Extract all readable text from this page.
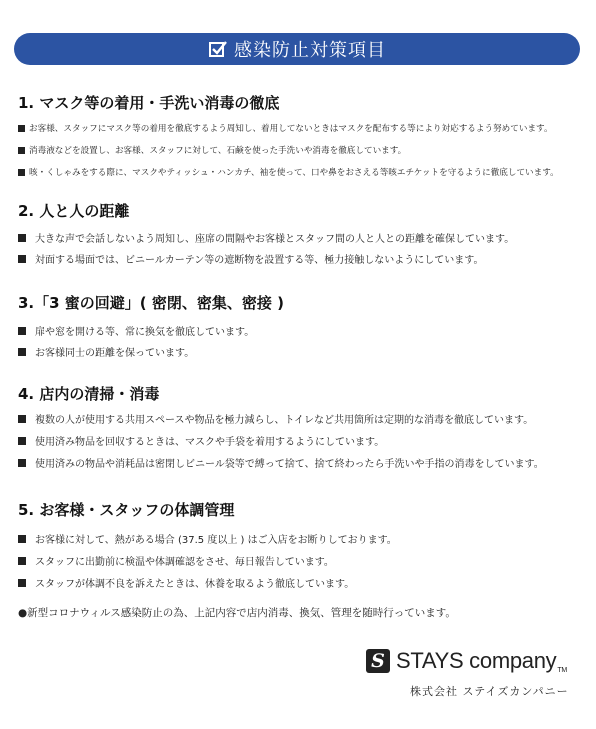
感染防止対策項目
1. マスク等の着用・手洗い消毒の徹底
お客様、スタッフにマスク等の着用を徹底するよう周知し、着用してないときはマスクを配布する等により対応するよう努めています。
消毒液などを設置し、お客様、スタッフに対して、石鹸を使った手洗いや消毒を徹底しています。
咳・くしゃみをする際に、マスクやティッシュ・ハンカチ、袖を使って、口や鼻をおさえる等咳エチケットを守るように徹底しています。
2. 人と人の距離
大きな声で会話しないよう周知し、座席の間隔やお客様とスタッフ間の人と人との距離を確保しています。
対面する場面では、ビニールカーテン等の遮断物を設置する等、極力接触しないようにしています。
3.「3 蜜の回避」( 密閉、密集、密接 )
扉や窓を開ける等、常に換気を徹底しています。
お客様同士の距離を保っています。
4. 店内の清掃・消毒
複数の人が使用する共用スペースや物品を極力減らし、トイレなど共用箇所は定期的な消毒を徹底しています。
使用済み物品を回収するときは、マスクや手袋を着用するようにしています。
使用済みの物品や消耗品は密閉しビニール袋等で縛って捨て、捨て終わったら手洗いや手指の消毒をしています。
5. お客様・スタッフの体調管理
お客様に対して、熱がある場合 (37.5 度以上 ) はご入店をお断りしております。
スタッフに出勤前に検温や体調確認をさせ、毎日報告しています。
スタッフが体調不良を訴えたときは、休養を取るよう徹底しています。
●新型コロナウィルス感染防止の為、上記内容で店内消毒、換気、管理を随時行っています。
S STAYS companyTM
株式会社 ステイズカンパニー
